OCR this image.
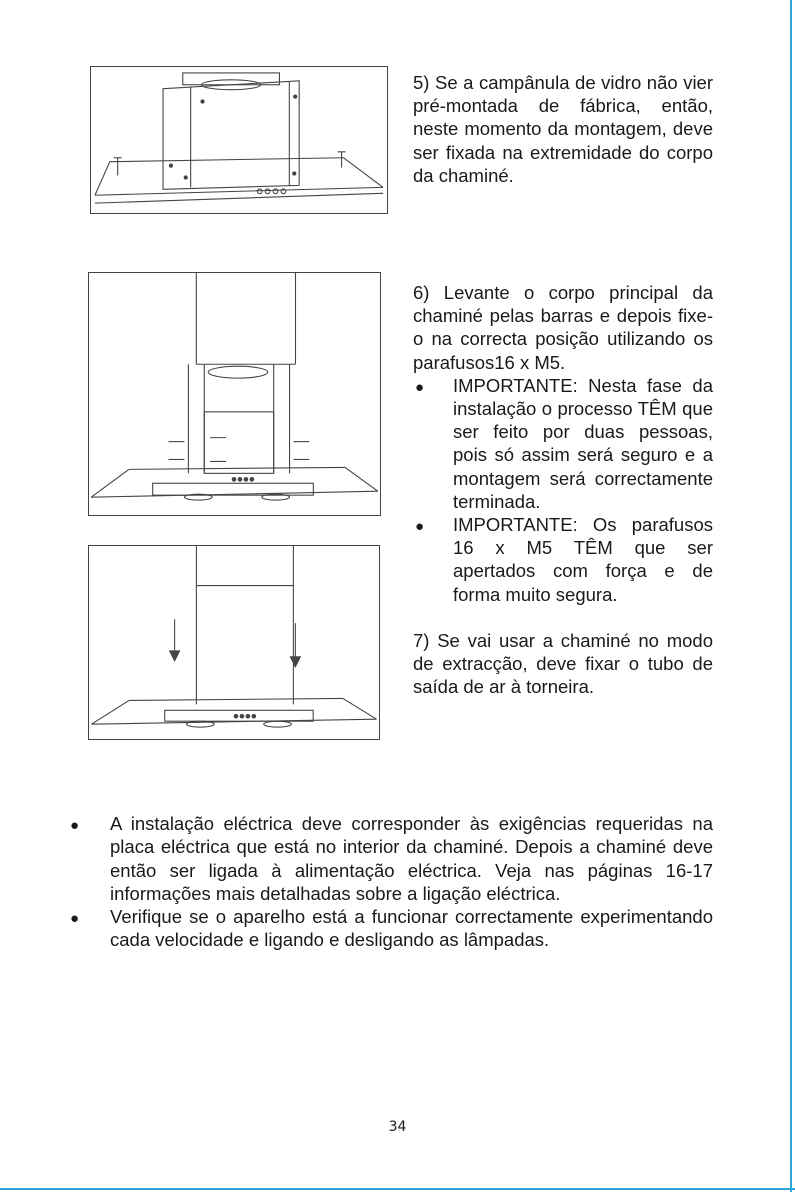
5) Se a campânula de vidro não vier pré-montada de fábrica, então, neste momento da montagem, deve ser fixada na extremidade do corpo da chaminé.

6) Levante o corpo principal da chaminé pelas barras e depois fixe-o na correcta posição utilizando os parafusos16 x M5.

●
IMPORTANTE: Nesta fase da instalação o processo TÊM que ser feito por duas pessoas, pois só assim será seguro e a montagem será correctamente terminada.
●
IMPORTANTE: Os parafusos 16 x M5 TÊM que ser apertados com força e de forma muito segura.

7) Se vai usar a chaminé no modo de extracção, deve fixar o tubo de saída de ar à torneira.

●
A instalação eléctrica deve corresponder às exigências requeridas na placa eléctrica que está no interior da chaminé. Depois a chaminé deve então ser ligada à alimentação eléctrica. Veja nas páginas 16-17 informações mais detalhadas sobre a ligação eléctrica.
●
Verifique se o aparelho está a funcionar correctamente experimentando cada velocidade e ligando e desligando as lâmpadas.
34
